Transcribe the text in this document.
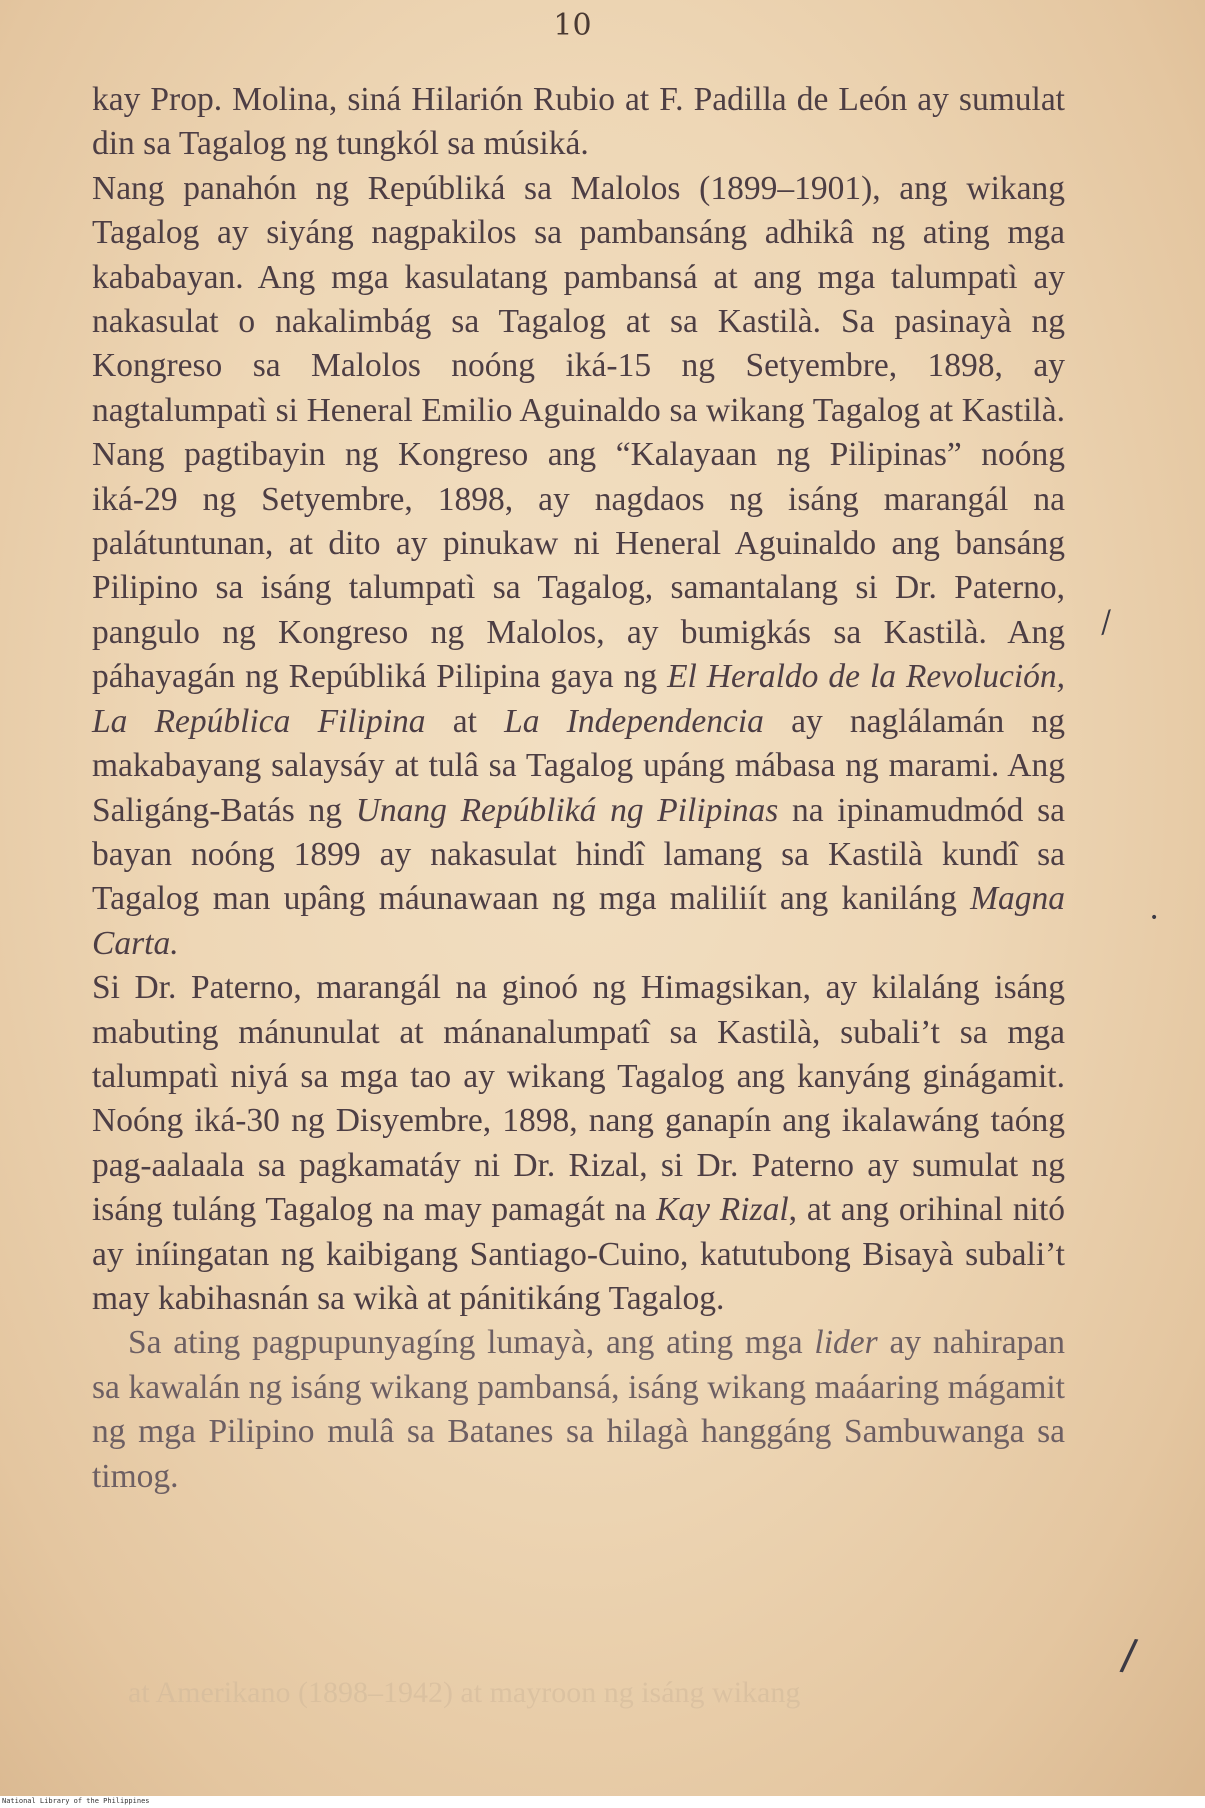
10

kay Prop. Molina, siná Hilarión Rubio at F. Padilla de León ay sumulat din sa Tagalog ng tungkól sa músiká.

Nang panahón ng Repúbliká sa Malolos (1899–1901), ang wikang Tagalog ay siyáng nagpakilos sa pambansáng adhikâ ng ating mga kababayan. Ang mga kasulatang pambansá at ang mga talumpatì ay nakasulat o nakalimbág sa Tagalog at sa Kastilà. Sa pasinayà ng Kongreso sa Malolos noóng iká-15 ng Setyembre, 1898, ay nagtalumpatì si Heneral Emilio Aguinaldo sa wikang Tagalog at Kastilà. Nang pagtibayin ng Kongreso ang “Kalayaan ng Pilipinas” noóng iká-29 ng Setyembre, 1898, ay nagdaos ng isáng marangál na palátuntunan, at dito ay pinukaw ni Heneral Aguinaldo ang bansáng Pilipino sa isáng talumpatì sa Tagalog, samantalang si Dr. Paterno, pangulo ng Kongreso ng Malolos, ay bumigkás sa Kastilà. Ang páhayagán ng Repúbliká Pilipina gaya ng El Heraldo de la Revolución, La República Filipina at La Independencia ay naglálamán ng makabayang salaysáy at tulâ sa Tagalog upáng mábasa ng marami. Ang Saligáng-Batás ng Unang Repúbliká ng Pilipinas na ipinamudmód sa bayan noóng 1899 ay nakasulat hindî lamang sa Kastilà kundî sa Tagalog man upâng máunawaan ng mga maliliít ang kaniláng Magna Carta.

Si Dr. Paterno, marangál na ginoó ng Himagsikan, ay kilaláng isáng mabuting mánunulat at mánanalumpatî sa Kastilà, subali’t sa mga talumpatì niyá sa mga tao ay wikang Tagalog ang kanyáng ginágamit. Noóng iká-30 ng Disyembre, 1898, nang ganapín ang ikalawáng taóng pag-aalaala sa pagkamatáy ni Dr. Rizal, si Dr. Paterno ay sumulat ng isáng tuláng Tagalog na may pamagát na Kay Rizal, at ang orihinal nitó ay iníingatan ng kaibigang Santiago-Cuino, katutubong Bisayà subali’t may kabihasnán sa wikà at pánitikáng Tagalog.

Sa ating pagpupunyagíng lumayà, ang ating mga lider ay nahirapan sa kawalán ng isáng wikang pambansá, isáng wikang maáaring mágamit ng mga Pilipino mulâ sa Batanes sa hilagà hanggáng Sambuwanga sa timog.

⁄
•
/
at Amerikano (1898–1942) at mayroon ng isáng wikang
National Library of the Philippines
